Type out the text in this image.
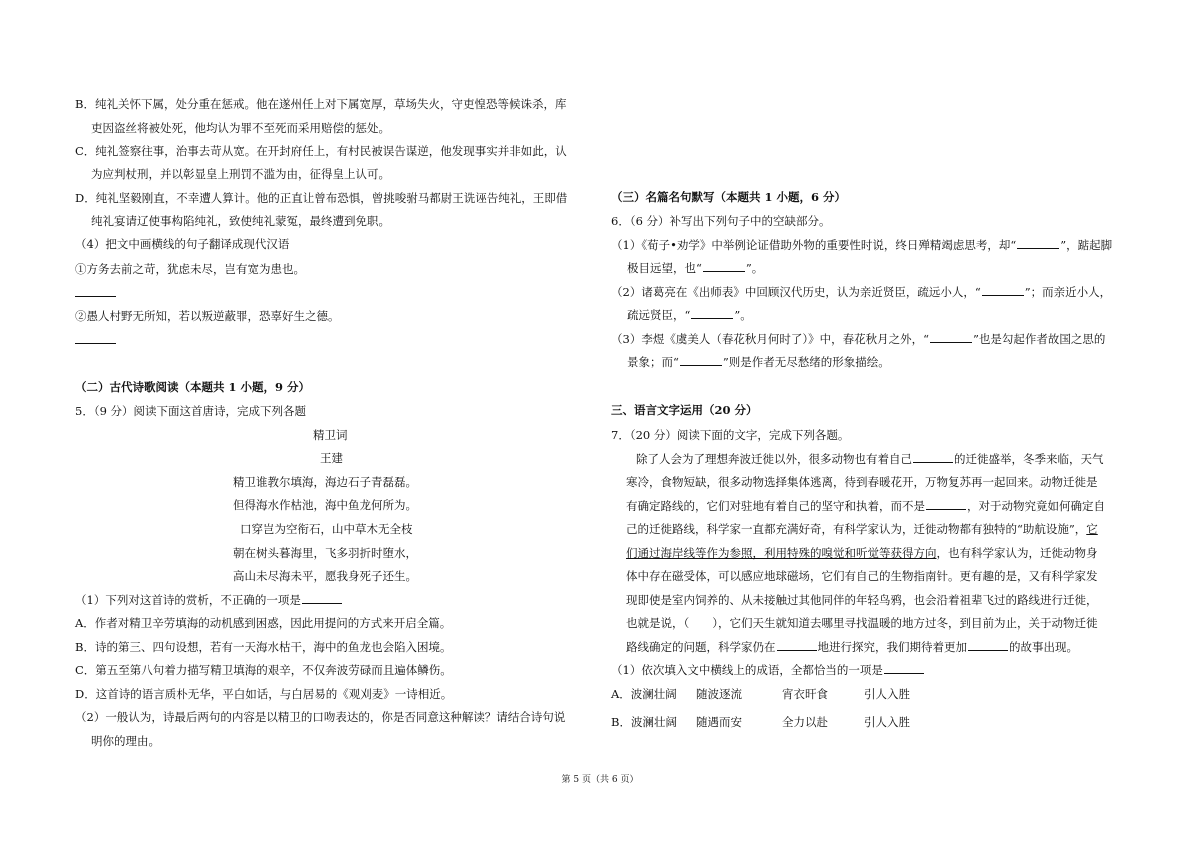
B．纯礼关怀下属，处分重在惩戒。他在遂州任上对下属宽厚，草场失火，守吏惶恐等候诛杀，库
吏因盗丝将被处死，他均认为罪不至死而采用赔偿的惩处。
C．纯礼签察往事，治事去苛从宽。在开封府任上，有村民被误告谋逆，他发现事实并非如此，认
为应判杖刑，并以彰显皇上刑罚不滥为由，征得皇上认可。
D．纯礼坚毅刚直，不幸遭人算计。他的正直让曾布恐惧，曾挑唆驸马都尉王诜诬告纯礼，王即借
纯礼宴请辽使事构陷纯礼，致使纯礼蒙冤，最终遭到免职。
（4）把文中画横线的句子翻译成现代汉语
①方务去前之苛，犹虑未尽，岂有宽为患也。
②愚人村野无所知，若以叛逆蔽罪，恐辜好生之德。
（二）古代诗歌阅读（本题共 1 小题，9 分）
5．（9 分）阅读下面这首唐诗，完成下列各题
精卫词
王建
精卫谁教尔填海，海边石子青磊磊。
但得海水作枯池，海中鱼龙何所为。
口穿岂为空衔石，山中草木无全枝
朝在树头暮海里，飞多羽折时堕水，
高山未尽海未平，愿我身死子还生。
（1）下列对这首诗的赏析，不正确的一项是
A．作者对精卫辛劳填海的动机感到困惑，因此用提问的方式来开启全篇。
B．诗的第三、四句设想，若有一天海水枯干，海中的鱼龙也会陷入困境。
C．第五至第八句着力描写精卫填海的艰辛，不仅奔波劳碌而且遍体鳞伤。
D．这首诗的语言质朴无华，平白如话，与白居易的《观刈麦》一诗相近。
（2）一般认为，诗最后两句的内容是以精卫的口吻表达的，你是否同意这种解读？请结合诗句说
明你的理由。
（三）名篇名句默写（本题共 1 小题，6 分）
6．（6 分）补写出下列句子中的空缺部分。
（1）《荀子•劝学》中举例论证借助外物的重要性时说，终日殚精竭虑思考，却“	”，踮起脚
极目远望，也“	”。
（2）诸葛亮在《出师表》中回顾汉代历史，认为亲近贤臣，疏远小人，“	”；而亲近小人，
疏远贤臣，“	”。
（3）李煜《虞美人（春花秋月何时了）》中，春花秋月之外，“	”也是勾起作者故国之思的
景象；而“	”则是作者无尽愁绪的形象描绘。
三、语言文字运用（20 分）
7．（20 分）阅读下面的文字，完成下列各题。
除了人会为了理想奔波迁徙以外，很多动物也有着自己	的迁徙盛举，冬季来临，天气
寒冷，食物短缺，很多动物选择集体逃离，待到春暖花开，万物复苏再一起回来。动物迁徙是
有确定路线的，它们对驻地有着自己的坚守和执着，而不是	，对于动物究竟如何确定自
己的迁徙路线，科学家一直都充满好奇，有科学家认为，迁徙动物都有独特的“助航设施”，它
们通过海岸线等作为参照，利用特殊的嗅觉和听觉等获得方向，也有科学家认为，迁徙动物身
体中存在磁受体，可以感应地球磁场，它们有自己的生物指南针。更有趣的是，又有科学家发
现即使是室内饲养的、从未接触过其他同伴的年轻鸟鸦，也会沿着祖辈飞过的路线进行迁徙，
也就是说，（　　），它们天生就知道去哪里寻找温暖的地方过冬，到目前为止，关于动物迁徙
路线确定的问题，科学家仍在	地进行探究，我们期待着更加	的故事出现。
（1）依次填入文中横线上的成语，全都恰当的一项是
A．波澜壮阔 随波逐流	宵衣旰食	引人入胜
B．波澜壮阔 随遇而安	全力以赴	引人入胜
第 5 页（共 6 页）
